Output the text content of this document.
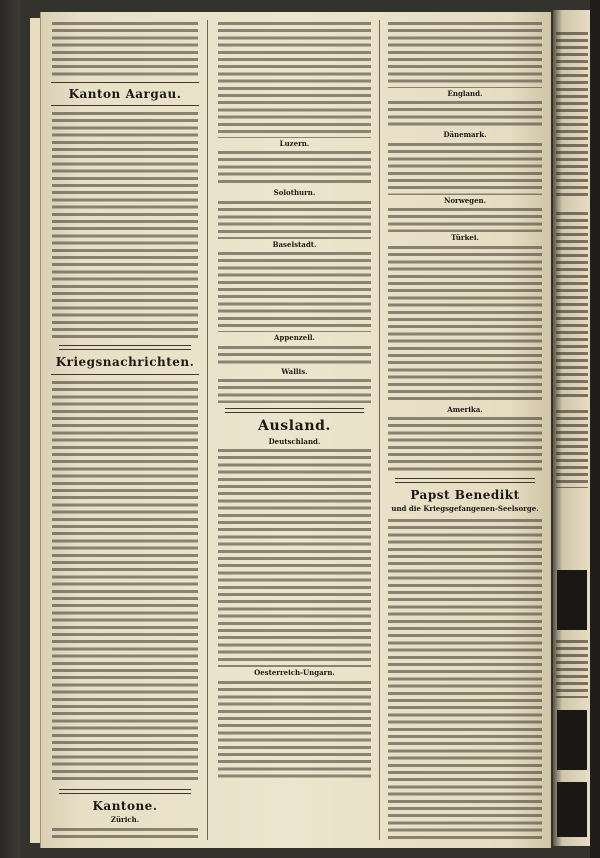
Kanton Aargau.
Kriegsnachrichten.
Kantone.
Zürich.
Luzern.
Solothurn.
Baselstadt.
Appenzell.
Wallis.
Ausland.
Deutschland.
Oesterreich-Ungarn.
England.
Dänemark.
Norwegen.
Türkei.
Amerika.
Papst Benedikt
und die Kriegsgefangenen-Seelsorge.
